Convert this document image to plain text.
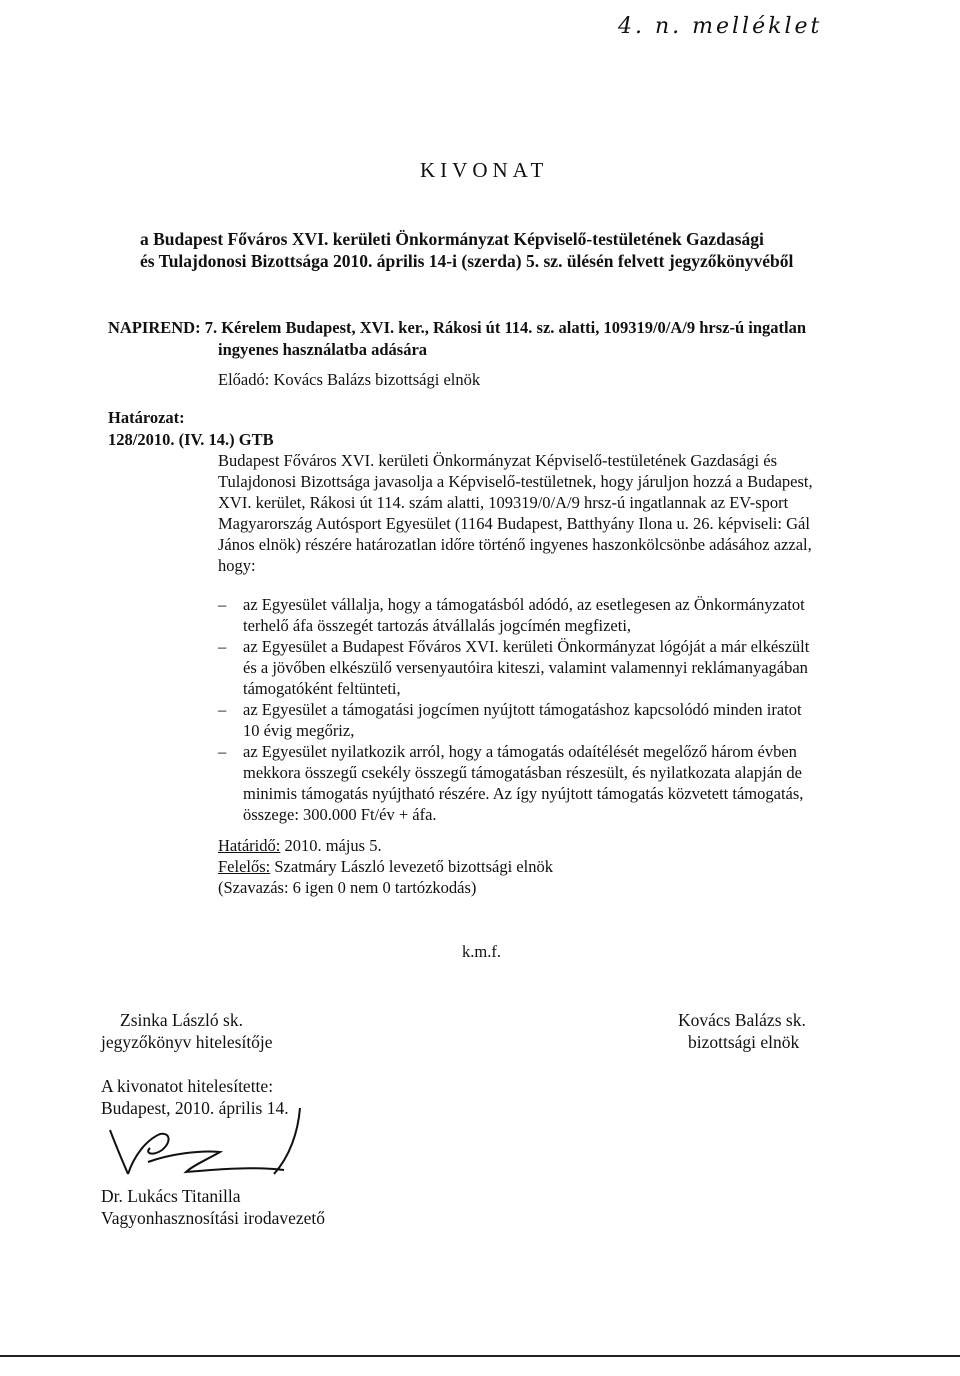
4. n. melléklet
KIVONAT
a Budapest Főváros XVI. kerületi Önkormányzat Képviselő-testületének Gazdasági
és Tulajdonosi Bizottsága 2010. április 14-i (szerda) 5. sz. ülésén felvett jegyzőkönyvéből
NAPIREND: 7. Kérelem Budapest, XVI. ker., Rákosi út 114. sz. alatti, 109319/0/A/9 hrsz-ú ingatlan
ingyenes használatba adására
Előadó: Kovács Balázs bizottsági elnök
Határozat:
128/2010. (IV. 14.) GTB
Budapest Főváros XVI. kerületi Önkormányzat Képviselő-testületének Gazdasági és
Tulajdonosi Bizottsága javasolja a Képviselő-testületnek, hogy járuljon hozzá a Budapest,
XVI. kerület, Rákosi út 114. szám alatti, 109319/0/A/9 hrsz-ú ingatlannak az EV-sport
Magyarország Autósport Egyesület (1164 Budapest, Batthyány Ilona u. 26. képviseli: Gál
János elnök) részére határozatlan időre történő ingyenes haszonkölcsönbe adásához azzal,
hogy:
– az Egyesület vállalja, hogy a támogatásból adódó, az esetlegesen az Önkormányzatot
terhelő áfa összegét tartozás átvállalás jogcímén megfizeti,
– az Egyesület a Budapest Főváros XVI. kerületi Önkormányzat lógóját a már elkészült
és a jövőben elkészülő versenyautóira kiteszi, valamint valamennyi reklámanyagában
támogatóként feltünteti,
– az Egyesület a támogatási jogcímen nyújtott támogatáshoz kapcsolódó minden iratot
10 évig megőriz,
– az Egyesület nyilatkozik arról, hogy a támogatás odaítélését megelőző három évben
mekkora összegű csekély összegű támogatásban részesült, és nyilatkozata alapján de
minimis támogatás nyújtható részére. Az így nyújtott támogatás közvetett támogatás,
összege: 300.000 Ft/év + áfa.
Határidő: 2010. május 5.
Felelős: Szatmáry László levezető bizottsági elnök
(Szavazás: 6 igen 0 nem 0 tartózkodás)
k.m.f.
Zsinka László sk.
jegyzőkönyv hitelesítője
Kovács Balázs sk.
bizottsági elnök
A kivonatot hitelesítette:
Budapest, 2010. április 14.
Dr. Lukács Titanilla
Vagyonhasznosítási irodavezető
